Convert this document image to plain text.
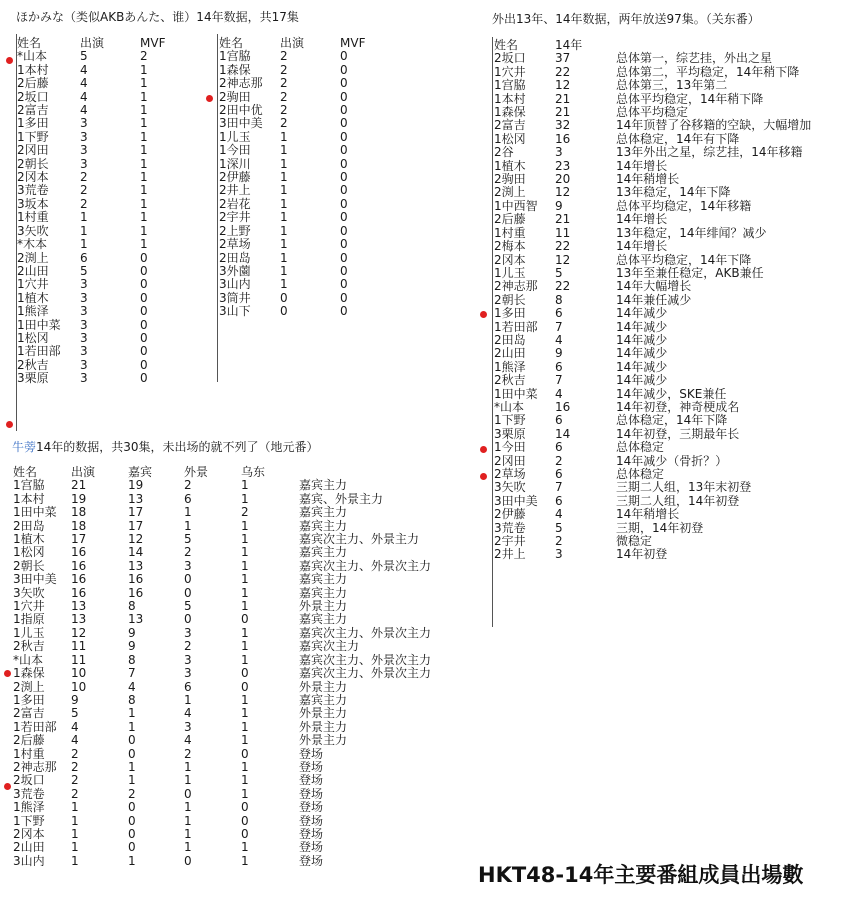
ほかみな（类似AKBあんた、谁）14年数据，共17集
姓名	出演	MVF
*山本	5	2
1本村	4	1
2后藤	4	1
2坂口	4	1
2富吉	4	1
1多田	3	1
1下野	3	1
2冈田	3	1
2朝长	3	1
2冈本	2	1
3荒卷	2	1
3坂本	2	1
1村重	1	1
3矢吹	1	1
*木本	1	1
2渕上	6	0
2山田	5	0
1穴井	3	0
1植木	3	0
1熊泽	3	0
1田中菜	3	0
1松冈	3	0
1若田部	3	0
2秋吉	3	0
3栗原	3	0
姓名	出演	MVF
1宫脇	2	0
1森保	2	0
2神志那	2	0
2驹田	2	0
2田中优	2	0
3田中美	2	0
1儿玉	1	0
1今田	1	0
1深川	1	0
2伊藤	1	0
2井上	1	0
2岩花	1	0
2宇井	1	0
2上野	1	0
2草场	1	0
2田岛	1	0
3外薗	1	0
3山内	1	0
3筒井	0	0
3山下	0	0
牛蒡14年的数据，共30集，未出场的就不列了（地元番）
姓名	出演	嘉宾	外景	乌东	
1宫脇	21	19	2	1	嘉宾主力
1本村	19	13	6	1	嘉宾、外景主力
1田中菜	18	17	1	2	嘉宾主力
2田岛	18	17	1	1	嘉宾主力
1植木	17	12	5	1	嘉宾次主力、外景主力
1松冈	16	14	2	1	嘉宾主力
2朝长	16	13	3	1	嘉宾次主力、外景次主力
3田中美	16	16	0	1	嘉宾主力
3矢吹	16	16	0	1	嘉宾主力
1穴井	13	8	5	1	外景主力
1指原	13	13	0	0	嘉宾主力
1儿玉	12	9	3	1	嘉宾次主力、外景次主力
2秋吉	11	9	2	1	嘉宾次主力
*山本	11	8	3	1	嘉宾次主力、外景次主力
1森保	10	7	3	0	嘉宾次主力、外景次主力
2渕上	10	4	6	0	外景主力
1多田	9	8	1	1	嘉宾主力
2富吉	5	1	4	1	外景主力
1若田部	4	1	3	1	外景主力
2后藤	4	0	4	1	外景主力
1村重	2	0	2	0	登场
2神志那	2	1	1	1	登场
2坂口	2	1	1	1	登场
3荒卷	2	2	0	1	登场
1熊泽	1	0	1	0	登场
1下野	1	0	1	0	登场
2冈本	1	0	1	0	登场
2山田	1	0	1	1	登场
3山内	1	1	0	1	登场
外出13年、14年数据，两年放送97集。（关东番）
姓名	14年	
2坂口	37	总体第一，综艺挂，外出之星
1穴井	22	总体第二，平均稳定，14年稍下降
1宫脇	12	总体第三，13年第二
1本村	21	总体平均稳定，14年稍下降
1森保	21	总体平均稳定
2富吉	32	14年顶替了谷移籍的空缺，大幅增加
1松冈	16	总体稳定，14年有下降
2谷	3	13年外出之星，综艺挂，14年移籍
1植木	23	14年增长
2驹田	20	14年稍增长
2渕上	12	13年稳定，14年下降
1中西智	9	总体平均稳定，14年移籍
2后藤	21	14年增长
1村重	11	13年稳定，14年绯闻？减少
2梅本	22	14年增长
2冈本	12	总体平均稳定，14年下降
1儿玉	5	13年至兼任稳定，AKB兼任
2神志那	22	14年大幅增长
2朝长	8	14年兼任减少
1多田	6	14年减少
1若田部	7	14年减少
2田岛	4	14年减少
2山田	9	14年减少
1熊泽	6	14年减少
2秋吉	7	14年减少
1田中菜	4	14年减少，SKE兼任
*山本	16	14年初登，神奇梗成名
1下野	6	总体稳定，14年下降
3栗原	14	14年初登，三期最年长
1今田	6	总体稳定
2冈田	2	14年减少（骨折？）
2草场	6	总体稳定
3矢吹	7	三期二人组，13年末初登
3田中美	6	三期二人组，14年初登
2伊藤	4	14年稍增长
3荒卷	5	三期，14年初登
2宇井	2	微稳定
2井上	3	14年初登
HKT48-14年主要番組成員出場數
